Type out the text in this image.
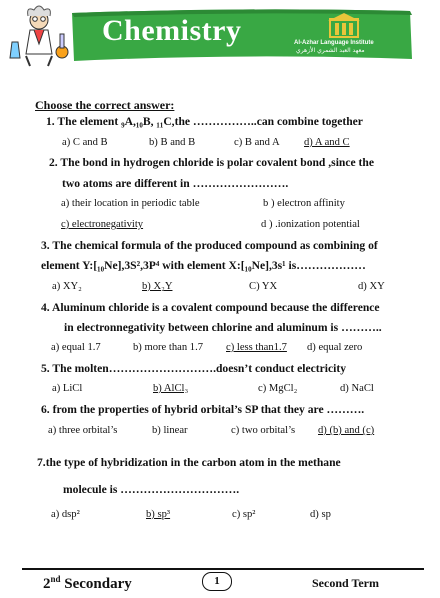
Chemistry	Al-Azhar Language Institute
معهد العبد الشمري الأزهري
Choose the correct answer:
1. The element ₉A,₁₀B, ₁₁C,the ……………..can combine together
a) C and B	b) B and B	c) B and A d) A and C
2. The bond in hydrogen chloride is polar covalent bond ,since the
two atoms are different in …………………….
a) their location in periodic table	b ) electron affinity
c) electronegativity	d ) .ionization potential
3. The chemical formula of the produced compound as combining of
element Y:[₁₀Ne],3S²,3P⁴ with element X:[₁₀Ne],3s¹ is………………
a) XY₂	b) X₂Y	C) YX	d) XY
4. Aluminum chloride is a covalent compound because the difference
in electronnegativity between chlorine and aluminum is ………..
a) equal 1.7	b) more than 1.7 c) less than1.7 d) equal zero
5. The molten……………………….doesn’t conduct electricity
a) LiCl	b) AlCl₃	c) MgCl₂	d) NaCl
6. from the properties of hybrid orbital’s SP that they are ……….
a) three orbital’s	b) linear	c) two orbital’s d) (b) and (c)
7.the type of hybridization in the carbon atom in the methane
molecule is ………………………….
a) dsp²	b) sp³	c) sp²	d) sp
2nd Secondary	1	Second Term
